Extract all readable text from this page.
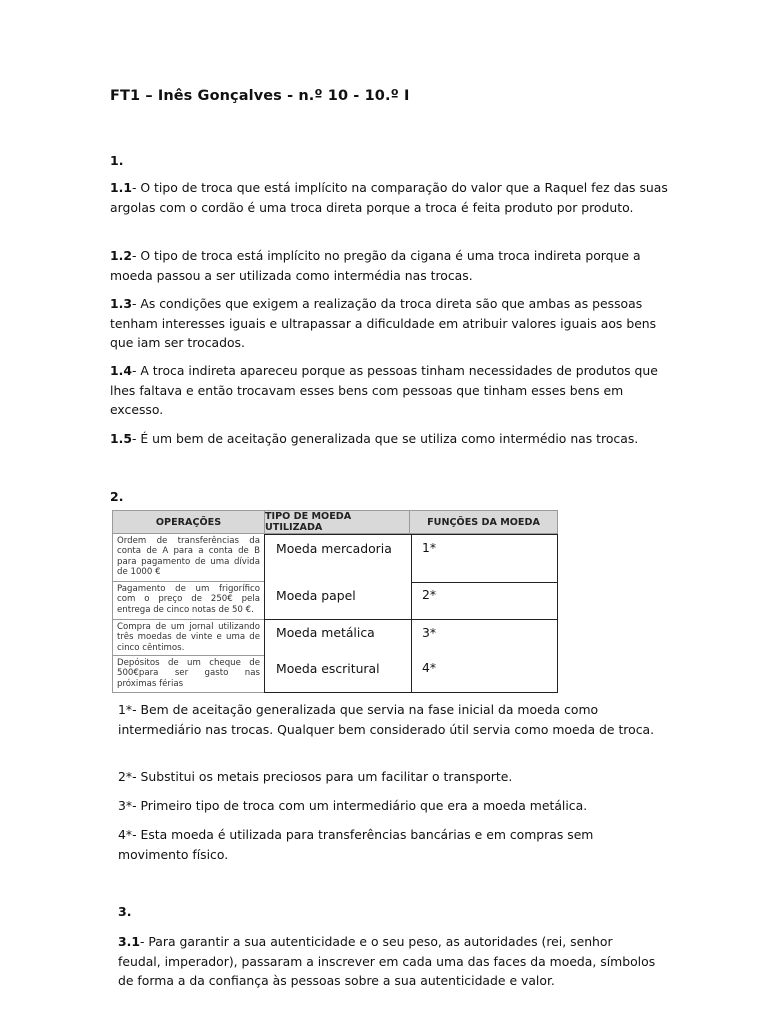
FT1 – Inês Gonçalves - n.º 10 - 10.º I
1.
1.1- O tipo de troca que está implícito na comparação do valor que a Raquel fez das suas argolas com o cordão é uma troca direta porque a troca é feita produto por produto.
1.2- O tipo de troca está implícito no pregão da cigana é uma troca indireta porque a moeda passou a ser utilizada como intermédia nas trocas.
1.3- As condições que exigem a realização da troca direta são que ambas as pessoas tenham interesses iguais e ultrapassar a dificuldade em atribuir valores iguais aos bens que iam ser trocados.
1.4- A troca indireta apareceu porque as pessoas tinham necessidades de produtos que lhes faltava e então trocavam esses bens com pessoas que tinham esses bens em excesso.
1.5- É um bem de aceitação generalizada que se utiliza como intermédio nas trocas.
2.
OPERAÇÕES	TIPO DE MOEDA UTILIZADA	FUNÇÕES DA MOEDA
Ordem de transferências da conta de A para a conta de B para pagamento de uma dívida de 1000 €
Pagamento de um frigorífico com o preço de 250€ pela entrega de cinco notas de 50 €.
Compra de um jornal utilizando três moedas de vinte e uma de cinco cêntimos.
Depósitos de um cheque de 500€para ser gasto nas próximas férias
Moeda mercadoria
Moeda papel
Moeda metálica
Moeda escritural
1*
2*
3*
4*
1*- Bem de aceitação generalizada que servia na fase inicial da moeda como intermediário nas trocas. Qualquer bem considerado útil servia como moeda de troca.
2*- Substitui os metais preciosos para um facilitar o transporte.
3*- Primeiro tipo de troca com um intermediário que era a moeda metálica.
4*- Esta moeda é utilizada para transferências bancárias e em compras sem movimento físico.
3.
3.1- Para garantir a sua autenticidade e o seu peso, as autoridades (rei, senhor feudal, imperador), passaram a inscrever em cada uma das faces da moeda, símbolos de forma a da confiança às pessoas sobre a sua autenticidade e valor.
